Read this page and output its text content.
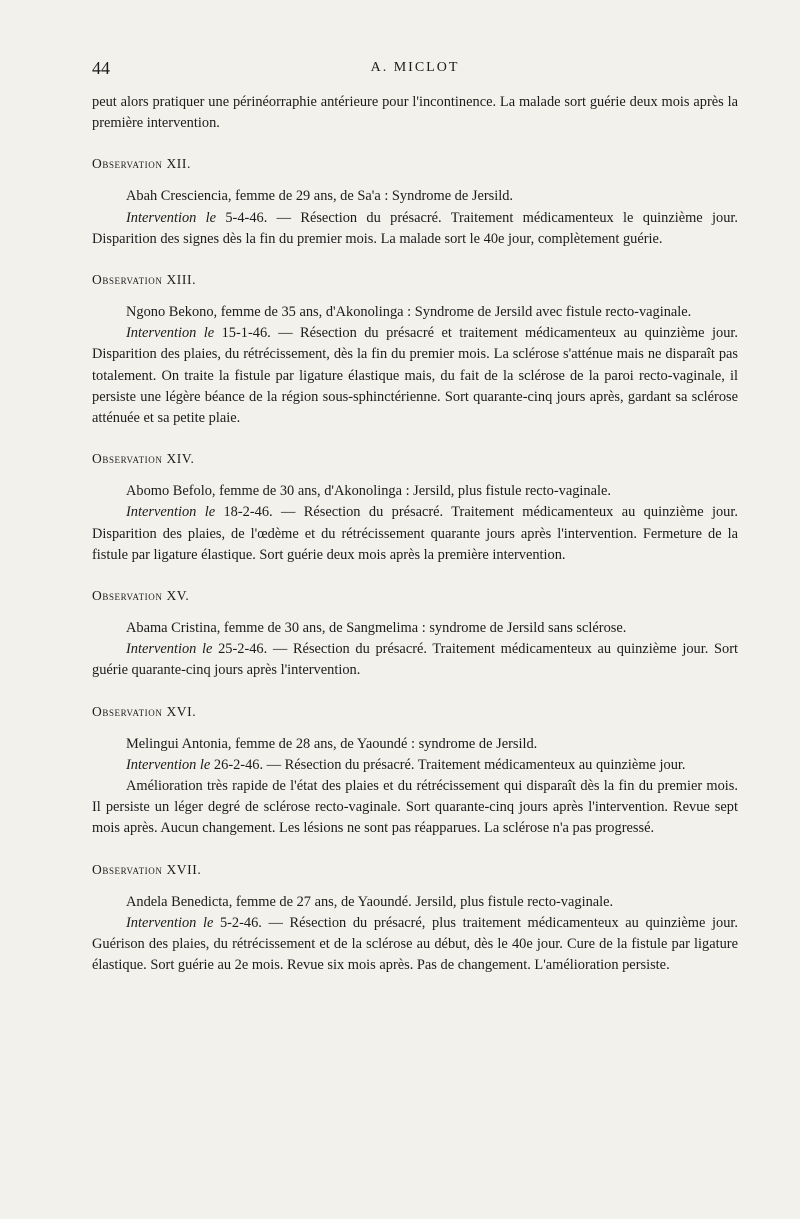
44	A. MICLOT

peut alors pratiquer une périnéorraphie antérieure pour l'incontinence. La malade sort guérie deux mois après la première intervention.

Observation XII.

Abah Cresciencia, femme de 29 ans, de Sa'a : Syndrome de Jersild.

Intervention le 5-4-46. — Résection du présacré. Traitement médicamenteux le quinzième jour. Disparition des signes dès la fin du premier mois. La malade sort le 40e jour, complètement guérie.

Observation XIII.

Ngono Bekono, femme de 35 ans, d'Akonolinga : Syndrome de Jersild avec fistule recto-vaginale.

Intervention le 15-1-46. — Résection du présacré et traitement médicamenteux au quinzième jour. Disparition des plaies, du rétrécissement, dès la fin du premier mois. La sclérose s'atténue mais ne disparaît pas totalement. On traite la fistule par ligature élastique mais, du fait de la sclérose de la paroi recto-vaginale, il persiste une légère béance de la région sous-sphinctérienne. Sort quarante-cinq jours après, gardant sa sclérose atténuée et sa petite plaie.

Observation XIV.

Abomo Befolo, femme de 30 ans, d'Akonolinga : Jersild, plus fistule recto-vaginale.

Intervention le 18-2-46. — Résection du présacré. Traitement médicamenteux au quinzième jour. Disparition des plaies, de l'œdème et du rétrécissement quarante jours après l'intervention. Fermeture de la fistule par ligature élastique. Sort guérie deux mois après la première intervention.

Observation XV.

Abama Cristina, femme de 30 ans, de Sangmelima : syndrome de Jersild sans sclérose.

Intervention le 25-2-46. — Résection du présacré. Traitement médicamenteux au quinzième jour. Sort guérie quarante-cinq jours après l'intervention.

Observation XVI.

Melingui Antonia, femme de 28 ans, de Yaoundé : syndrome de Jersild.

Intervention le 26-2-46. — Résection du présacré. Traitement médicamenteux au quinzième jour.

Amélioration très rapide de l'état des plaies et du rétrécissement qui disparaît dès la fin du premier mois. Il persiste un léger degré de sclérose recto-vaginale. Sort quarante-cinq jours après l'intervention. Revue sept mois après. Aucun changement. Les lésions ne sont pas réapparues. La sclérose n'a pas progressé.

Observation XVII.

Andela Benedicta, femme de 27 ans, de Yaoundé. Jersild, plus fistule recto-vaginale.

Intervention le 5-2-46. — Résection du présacré, plus traitement médicamenteux au quinzième jour. Guérison des plaies, du rétrécissement et de la sclérose au début, dès le 40e jour. Cure de la fistule par ligature élastique. Sort guérie au 2e mois. Revue six mois après. Pas de changement. L'amélioration persiste.
